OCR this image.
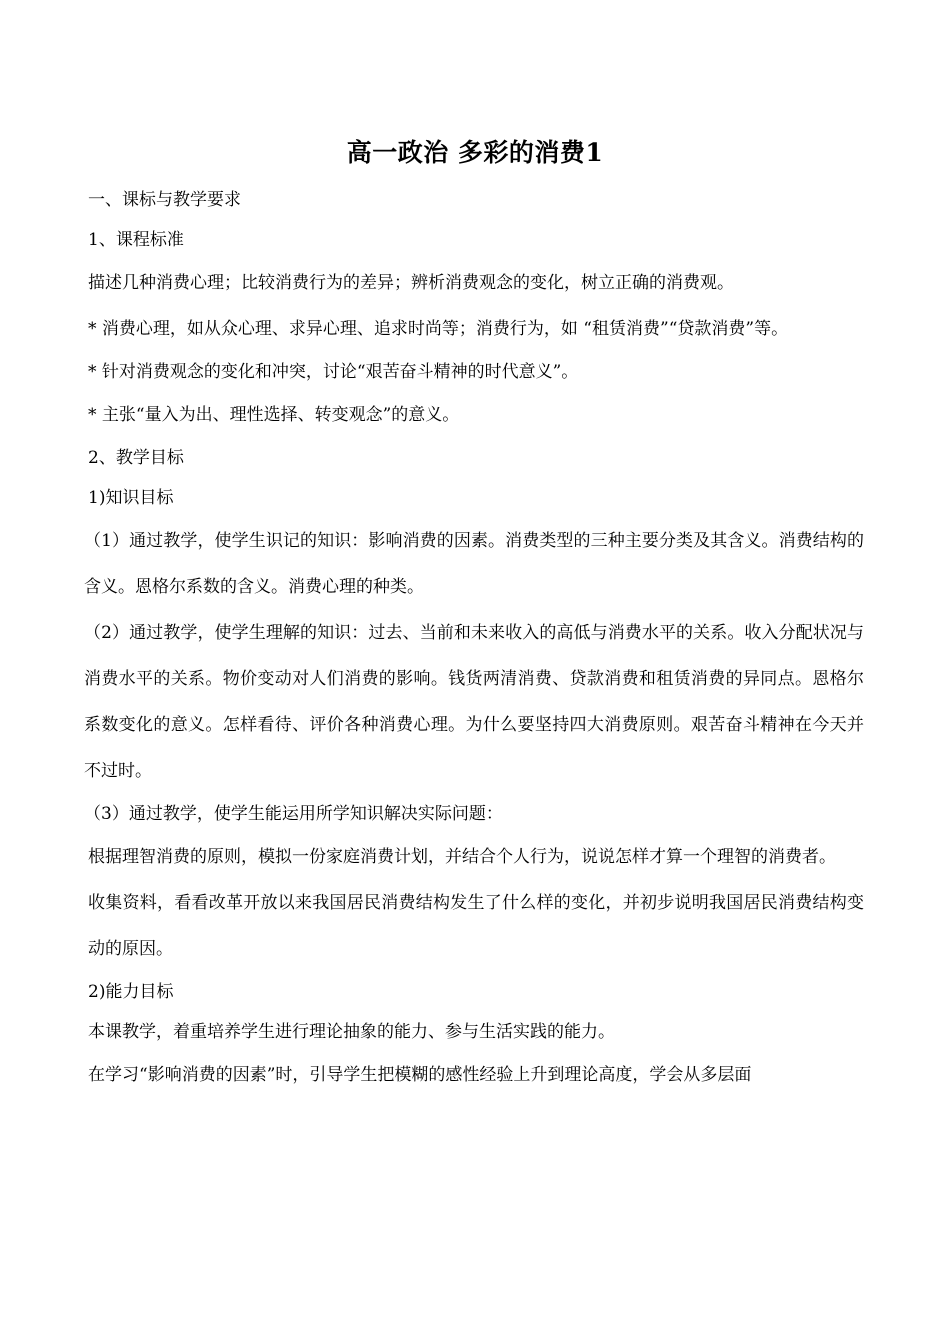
高一政治 多彩的消费1

一、课标与教学要求

1、课程标准

描述几种消费心理；比较消费行为的差异；辨析消费观念的变化，树立正确的消费观。

* 消费心理，如从众心理、求异心理、追求时尚等；消费行为，如 “租赁消费”“贷款消费”等。

* 针对消费观念的变化和冲突，讨论“艰苦奋斗精神的时代意义”。

* 主张“量入为出、理性选择、转变观念”的意义。

2、教学目标

1)知识目标

（1）通过教学，使学生识记的知识：影响消费的因素。消费类型的三种主要分类及其含义。消费结构的含义。恩格尔系数的含义。消费心理的种类。

（2）通过教学，使学生理解的知识：过去、当前和未来收入的高低与消费水平的关系。收入分配状况与消费水平的关系。物价变动对人们消费的影响。钱货两清消费、贷款消费和租赁消费的异同点。恩格尔系数变化的意义。怎样看待、评价各种消费心理。为什么要坚持四大消费原则。艰苦奋斗精神在今天并不过时。

（3）通过教学，使学生能运用所学知识解决实际问题：

根据理智消费的原则，模拟一份家庭消费计划，并结合个人行为，说说怎样才算一个理智的消费者。

收集资料，看看改革开放以来我国居民消费结构发生了什么样的变化，并初步说明我国居民消费结构变动的原因。

2)能力目标

本课教学，着重培养学生进行理论抽象的能力、参与生活实践的能力。

在学习“影响消费的因素”时，引导学生把模糊的感性经验上升到理论高度，学会从多层面
